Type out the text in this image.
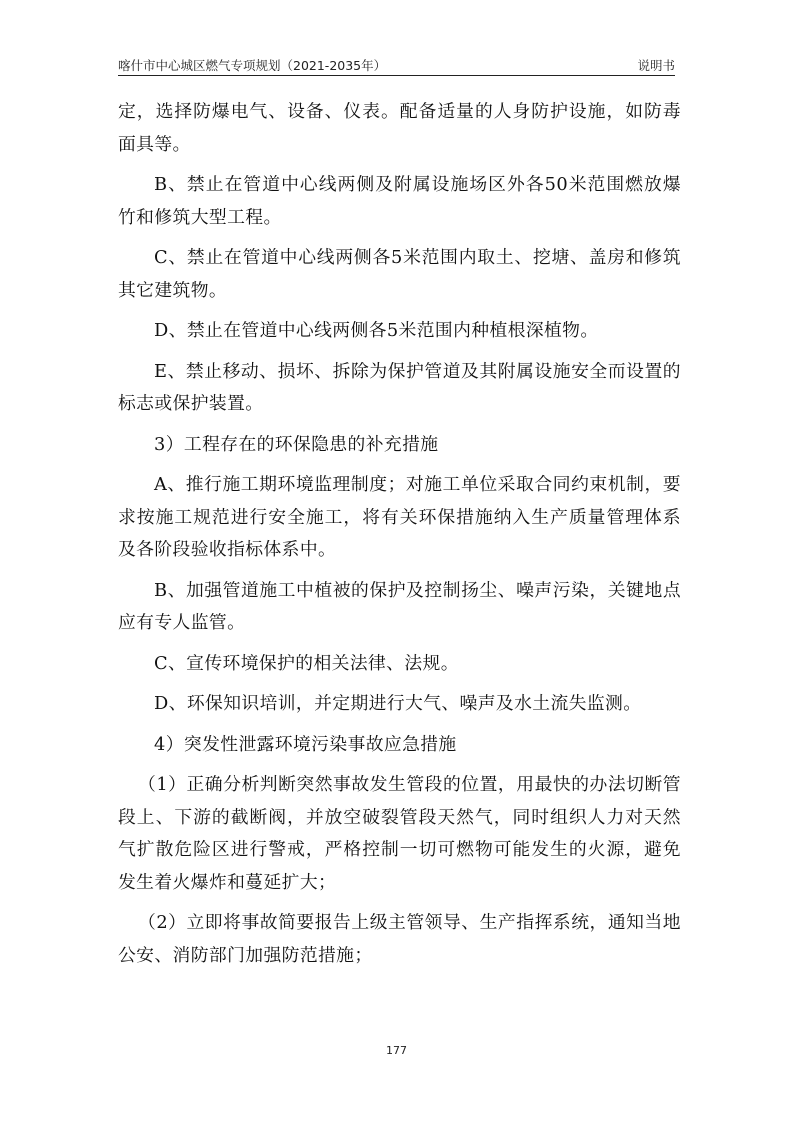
喀什市中心城区燃气专项规划（2021-2035年）	说明书

定，选择防爆电气、设备、仪表。配备适量的人身防护设施，如防毒面具等。

B、禁止在管道中心线两侧及附属设施场区外各50米范围燃放爆竹和修筑大型工程。

C、禁止在管道中心线两侧各5米范围内取土、挖塘、盖房和修筑其它建筑物。

D、禁止在管道中心线两侧各5米范围内种植根深植物。

E、禁止移动、损坏、拆除为保护管道及其附属设施安全而设置的标志或保护装置。

3）工程存在的环保隐患的补充措施

A、推行施工期环境监理制度；对施工单位采取合同约束机制，要求按施工规范进行安全施工，将有关环保措施纳入生产质量管理体系及各阶段验收指标体系中。

B、加强管道施工中植被的保护及控制扬尘、噪声污染，关键地点应有专人监管。

C、宣传环境保护的相关法律、法规。

D、环保知识培训，并定期进行大气、噪声及水土流失监测。

4）突发性泄露环境污染事故应急措施

（1）正确分析判断突然事故发生管段的位置，用最快的办法切断管段上、下游的截断阀，并放空破裂管段天然气，同时组织人力对天然气扩散危险区进行警戒，严格控制一切可燃物可能发生的火源，避免发生着火爆炸和蔓延扩大；

（2）立即将事故简要报告上级主管领导、生产指挥系统，通知当地公安、消防部门加强防范措施；

177
